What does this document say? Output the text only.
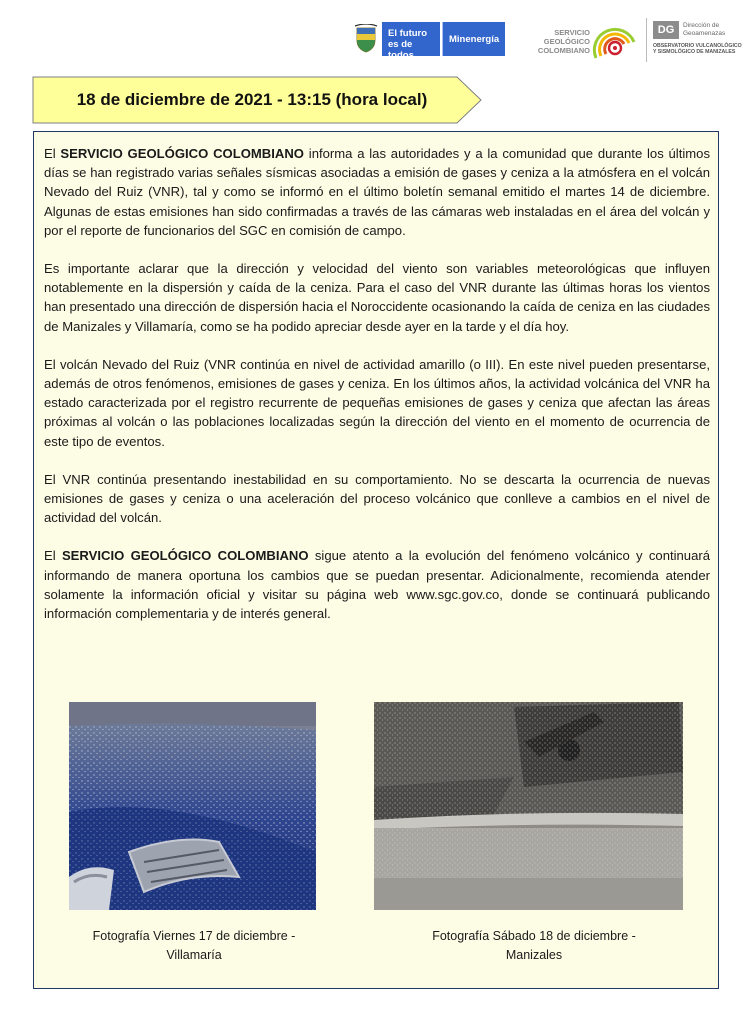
El futuro
es de todos
Minenergía
SERVICIO
GEOLÓGICO
COLOMBIANO
DG	Dirección de
Geoamenazas
OBSERVATORIO VULCANOLÓGICO
Y SISMOLÓGICO DE MANIZALES
18 de diciembre de 2021 - 13:15 (hora local)

El SERVICIO GEOLÓGICO COLOMBIANO informa a las autoridades y a la comunidad que durante los últimos días se han registrado varias señales sísmicas asociadas a emisión de gases y ceniza a la atmósfera en el volcán Nevado del Ruiz (VNR), tal y como se informó en el último boletín semanal emitido el martes 14 de diciembre. Algunas de estas emisiones han sido confirmadas a través de las cámaras web instaladas en el área del volcán y por el reporte de funcionarios del SGC en comisión de campo.

Es importante aclarar que la dirección y velocidad del viento son variables meteorológicas que influyen notablemente en la dispersión y caída de la ceniza. Para el caso del VNR durante las últimas horas los vientos han presentado una dirección de dispersión hacia el Noroccidente ocasionando la caída de ceniza en las ciudades de Manizales y Villamaría, como se ha podido apreciar desde ayer en la tarde y el día hoy.

El volcán Nevado del Ruiz (VNR continúa en nivel de actividad amarillo (o III). En este nivel pueden presentarse, además de otros fenómenos, emisiones de gases y ceniza. En los últimos años, la actividad volcánica del VNR ha estado caracterizada por el registro recurrente de pequeñas emisiones de gases y ceniza que afectan las áreas próximas al volcán o las poblaciones localizadas según la dirección del viento en el momento de ocurrencia de este tipo de eventos.

El VNR continúa presentando inestabilidad en su comportamiento. No se descarta la ocurrencia de nuevas emisiones de gases y ceniza o una aceleración del proceso volcánico que conlleve a cambios en el nivel de actividad del volcán.

El SERVICIO GEOLÓGICO COLOMBIANO sigue atento a la evolución del fenómeno volcánico y continuará informando de manera oportuna los cambios que se puedan presentar. Adicionalmente, recomienda atender solamente la información oficial y visitar su página web www.sgc.gov.co, donde se continuará publicando información complementaria y de interés general.

Fotografía Viernes 17 de diciembre -
Villamaría
Fotografía Sábado 18 de diciembre -
Manizales
